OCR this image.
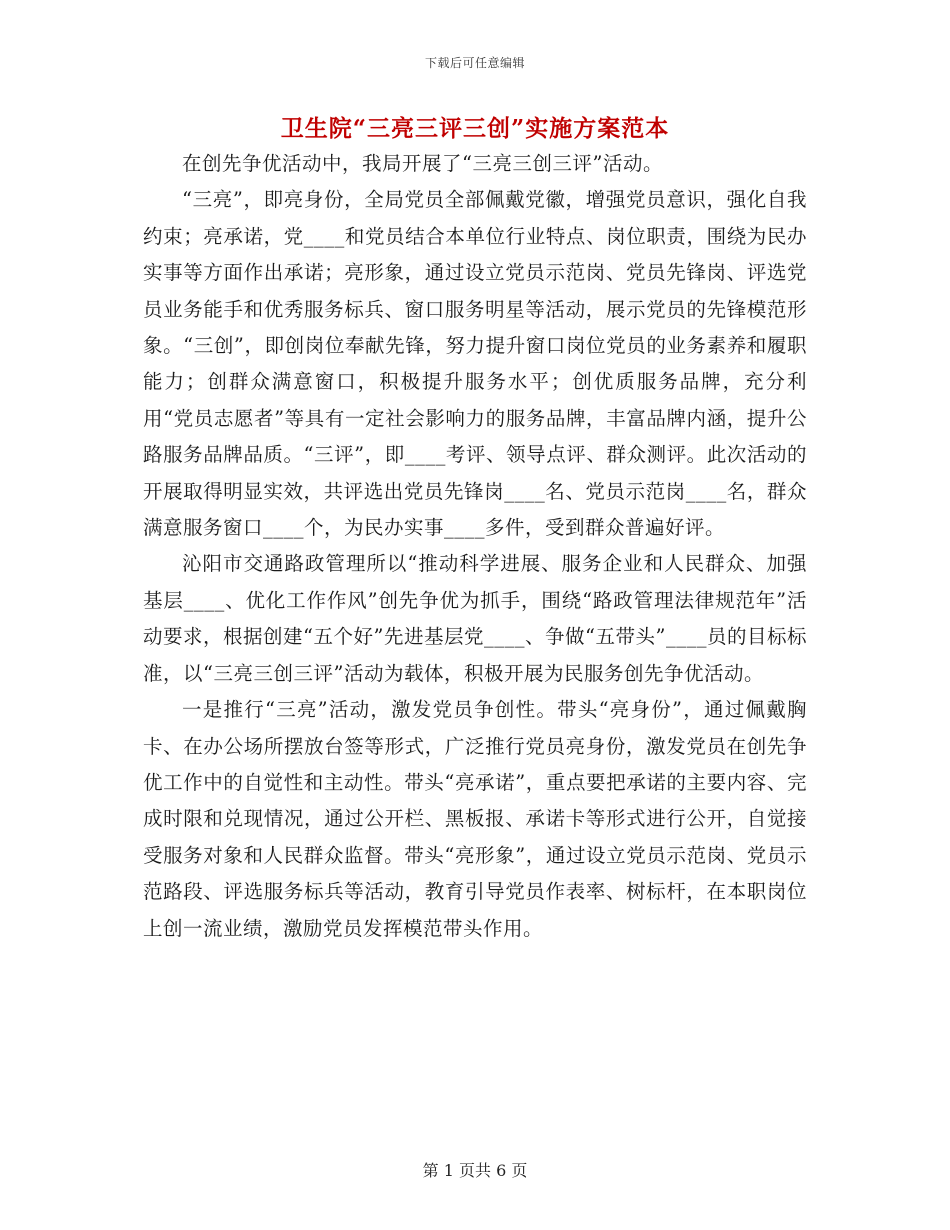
下载后可任意编辑
卫生院“三亮三评三创”实施方案范本

在创先争优活动中，我局开展了“三亮三创三评”活动。

“三亮”，即亮身份，全局党员全部佩戴党徽，增强党员意识，强化自我约束；亮承诺，党____和党员结合本单位行业特点、岗位职责，围绕为民办实事等方面作出承诺；亮形象，通过设立党员示范岗、党员先锋岗、评选党员业务能手和优秀服务标兵、窗口服务明星等活动，展示党员的先锋模范形象。“三创”，即创岗位奉献先锋，努力提升窗口岗位党员的业务素养和履职能力；创群众满意窗口，积极提升服务水平；创优质服务品牌，充分利用“党员志愿者”等具有一定社会影响力的服务品牌，丰富品牌内涵，提升公路服务品牌品质。“三评”，即____考评、领导点评、群众测评。此次活动的开展取得明显实效，共评选出党员先锋岗____名、党员示范岗____名，群众满意服务窗口____个，为民办实事____多件，受到群众普遍好评。

沁阳市交通路政管理所以“推动科学进展、服务企业和人民群众、加强基层____、优化工作作风”创先争优为抓手，围绕“路政管理法律规范年”活动要求，根据创建“五个好”先进基层党____、争做“五带头”____员的目标标准，以“三亮三创三评”活动为载体，积极开展为民服务创先争优活动。

一是推行“三亮”活动，激发党员争创性。带头“亮身份”，通过佩戴胸卡、在办公场所摆放台签等形式，广泛推行党员亮身份，激发党员在创先争优工作中的自觉性和主动性。带头“亮承诺”，重点要把承诺的主要内容、完成时限和兑现情况，通过公开栏、黑板报、承诺卡等形式进行公开，自觉接受服务对象和人民群众监督。带头“亮形象”，通过设立党员示范岗、党员示范路段、评选服务标兵等活动，教育引导党员作表率、树标杆，在本职岗位上创一流业绩，激励党员发挥模范带头作用。

第 1 页共 6 页
